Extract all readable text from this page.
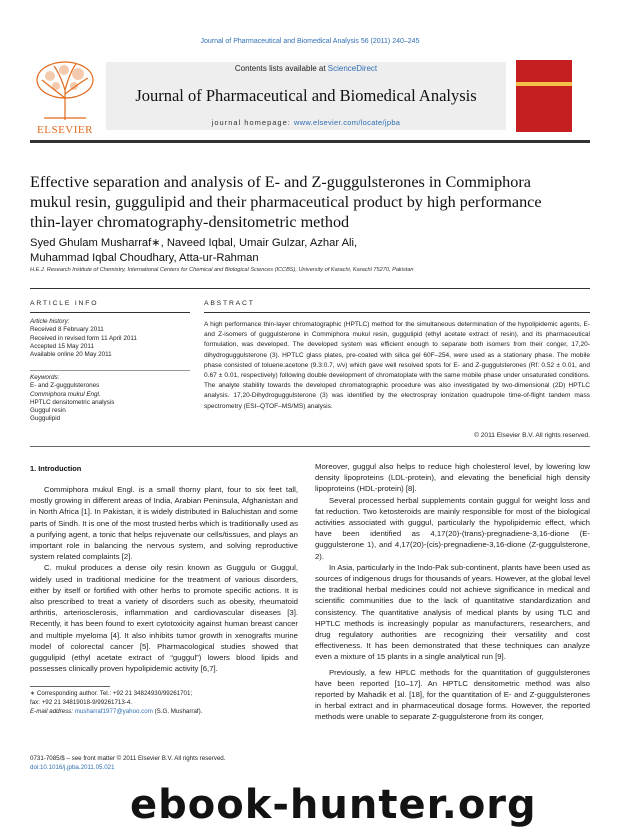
Journal of Pharmaceutical and Biomedical Analysis 56 (2011) 240–245
Contents lists available at ScienceDirect
Journal of Pharmaceutical and Biomedical Analysis
journal homepage: www.elsevier.com/locate/jpba
ELSEVIER
Effective separation and analysis of E- and Z-guggulsterones in Commiphora
mukul resin, guggulipid and their pharmaceutical product by high performance
thin-layer chromatography-densitometric method
Syed Ghulam Musharraf∗, Naveed Iqbal, Umair Gulzar, Azhar Ali,
Muhammad Iqbal Choudhary, Atta-ur-Rahman
H.E.J. Research Institute of Chemistry, International Centers for Chemical and Biological Sciences (ICCBS), University of Karachi, Karachi 75270, Pakistan
ARTICLE INFO
Article history:
Received 8 February 2011
Received in revised form 11 April 2011
Accepted 15 May 2011
Available online 20 May 2011
Keywords:
E- and Z-guggulsterones
Commiphora mukul Engl.
HPTLC densitometric analysis
Guggul resin
Guggulipid
ABSTRACT
A high performance thin-layer chromatographic (HPTLC) method for the simultaneous determination of the hypolipidemic agents, E- and Z-isomers of guggulsterone in Commiphora mukul resin, guggulipid (ethyl acetate extract of resin), and its pharmaceutical formulation, was developed. The developed system was efficient enough to separate both isomers from their conger, 17,20-dihydroguggulsterone (3). HPTLC glass plates, pre-coated with silica gel 60F–254, were used as a stationary phase. The mobile phase consisted of toluene:acetone (9.3:0.7, v/v) which gave well resolved spots for E- and Z-guggulsterones (Rf: 0.52 ± 0.01, and 0.67 ± 0.01, respectively) following double development of chromatoplate with the same mobile phase under unsaturated conditions. The analyte stability towards the developed chromatographic procedure was also investigated by two-dimensional (2D) HPTLC analysis. 17,20-Dihydroguggulsterone (3) was identified by the electrospray ionization quadrupole time-of-flight tandem mass spectrometry (ESI–QTOF–MS/MS) analysis.
© 2011 Elsevier B.V. All rights reserved.
1. Introduction

Commiphora mukul Engl. is a small thorny plant, four to six feet tall, mostly growing in different areas of India, Arabian Peninsula, Afghanistan and in North Africa [1]. In Pakistan, it is widely distributed in Baluchistan and some parts of Sindh. It is one of the most trusted herbs which is traditionally used as a purifying agent, a tonic that helps rejuvenate our cells/tissues, and plays an important role in balancing the nervous system, and solving reproductive system related complaints [2].

C. mukul produces a dense oily resin known as Guggulu or Guggul, widely used in traditional medicine for the treatment of various disorders, either by itself or fortified with other herbs to promote specific actions. It is also prescribed to treat a variety of disorders such as obesity, rheumatoid arthritis, arteriosclerosis, inflammation and cardiovascular diseases [3]. Recently, it has been found to exert cytotoxicity against human breast cancer and multiple myeloma [4]. It also inhibits tumor growth in xenografts murine model of colorectal cancer [5]. Pharmacological studies showed that guggulipid (ethyl acetate extract of “guggul”) lowers blood lipids and possesses clinically proven hypolipidemic activity [6,7].

Moreover, guggul also helps to reduce high cholesterol level, by lowering low density lipoproteins (LDL-protein), and elevating the beneficial high density lipoproteins (HDL-protein) [8].

Several processed herbal supplements contain guggul for weight loss and fat reduction. Two ketosteroids are mainly responsible for most of the biological activities associated with guggul, particularly the hypolipidemic effect, which have been identified as 4,17(20)-(trans)-pregnadiene-3,16-dione (E-guggulsterone 1), and 4,17(20)-(cis)-pregnadiene-3,16-dione (Z-guggulsterone, 2).

In Asia, particularly in the Indo-Pak sub-continent, plants have been used as sources of indigenous drugs for thousands of years. However, at the global level the traditional herbal medicines could not achieve significance in medical and scientific communities due to the lack of quantitative standardization and consistency. The quantitative analysis of medical plants by using TLC and HPTLC methods is increasingly popular as manufacturers, researchers, and drug regulatory authorities are recognizing their versatility and cost effectiveness. It has been demonstrated that these techniques can analyze even a mixture of 15 plants in a single analytical run [9].

Previously, a few HPLC methods for the quantitation of guggulsterones have been reported [10–17]. An HPTLC densitometric method was also reported by Mahadik et al. [18], for the quantitation of E- and Z-guggulsterones in herbal extract and in pharmaceutical dosage forms. However, the reported methods were unable to separate Z-guggulsterone from its conger,

∗ Corresponding author. Tel.: +92 21 34824930/99261701;
fax: +92 21 34819018-9/99261713-4.
E-mail address: musharraf1977@yahoo.com (S.G. Musharraf).
0731-7085/$ – see front matter © 2011 Elsevier B.V. All rights reserved.
doi:10.1016/j.jpba.2011.05.021
ebook-hunter.org
